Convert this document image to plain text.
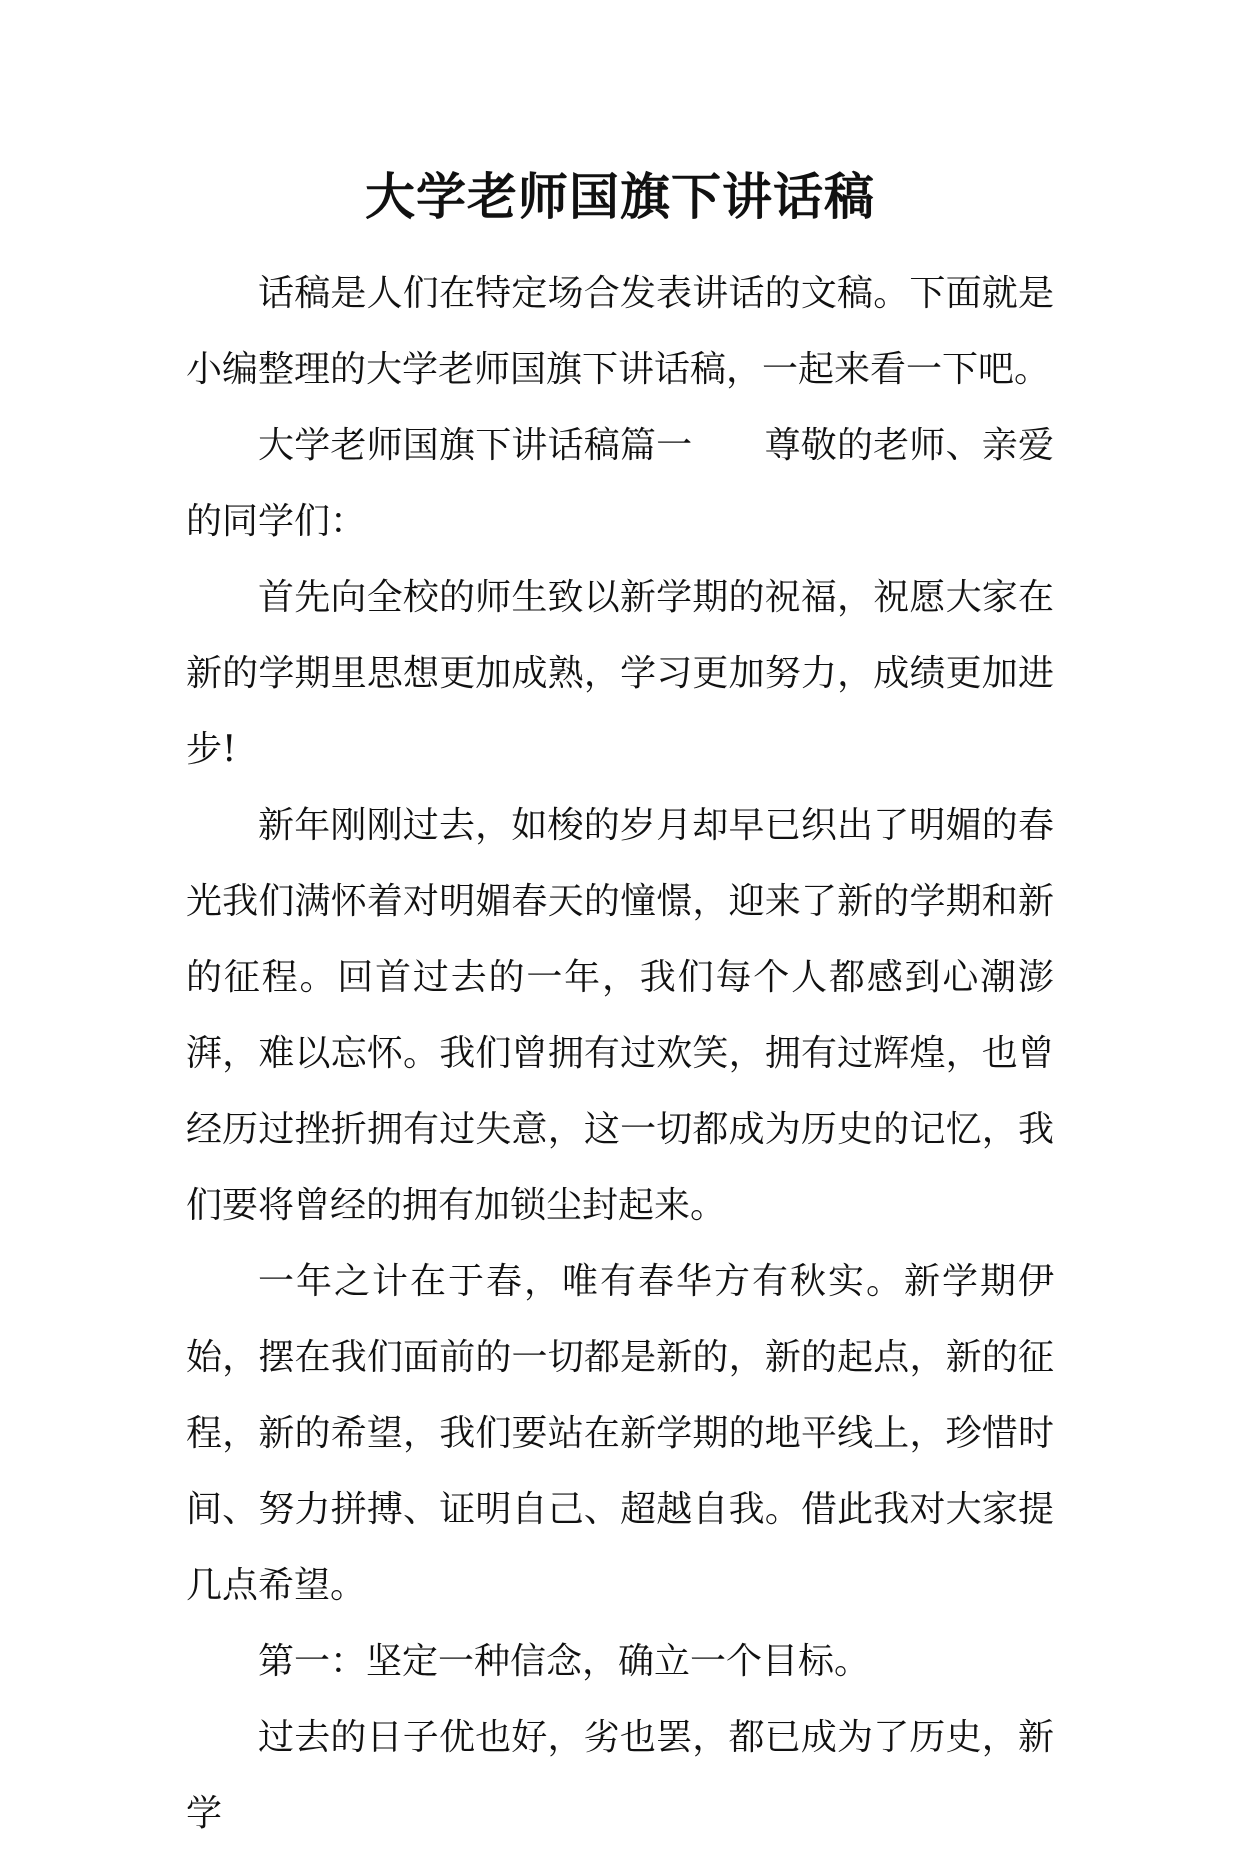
大学老师国旗下讲话稿

话稿是人们在特定场合发表讲话的文稿。下面就是小编整理的大学老师国旗下讲话稿，一起来看一下吧。

大学老师国旗下讲话稿篇一 尊敬的老师、亲爱的同学们：

首先向全校的师生致以新学期的祝福，祝愿大家在新的学期里思想更加成熟，学习更加努力，成绩更加进步!

新年刚刚过去，如梭的岁月却早已织出了明媚的春光我们满怀着对明媚春天的憧憬，迎来了新的学期和新的征程。回首过去的一年，我们每个人都感到心潮澎湃，难以忘怀。我们曾拥有过欢笑，拥有过辉煌，也曾经历过挫折拥有过失意，这一切都成为历史的记忆，我们要将曾经的拥有加锁尘封起来。

一年之计在于春，唯有春华方有秋实。新学期伊始，摆在我们面前的一切都是新的，新的起点，新的征程，新的希望，我们要站在新学期的地平线上，珍惜时间、努力拼搏、证明自己、超越自我。借此我对大家提几点希望。

第一：坚定一种信念，确立一个目标。

过去的日子优也好，劣也罢，都已成为了历史，新学
